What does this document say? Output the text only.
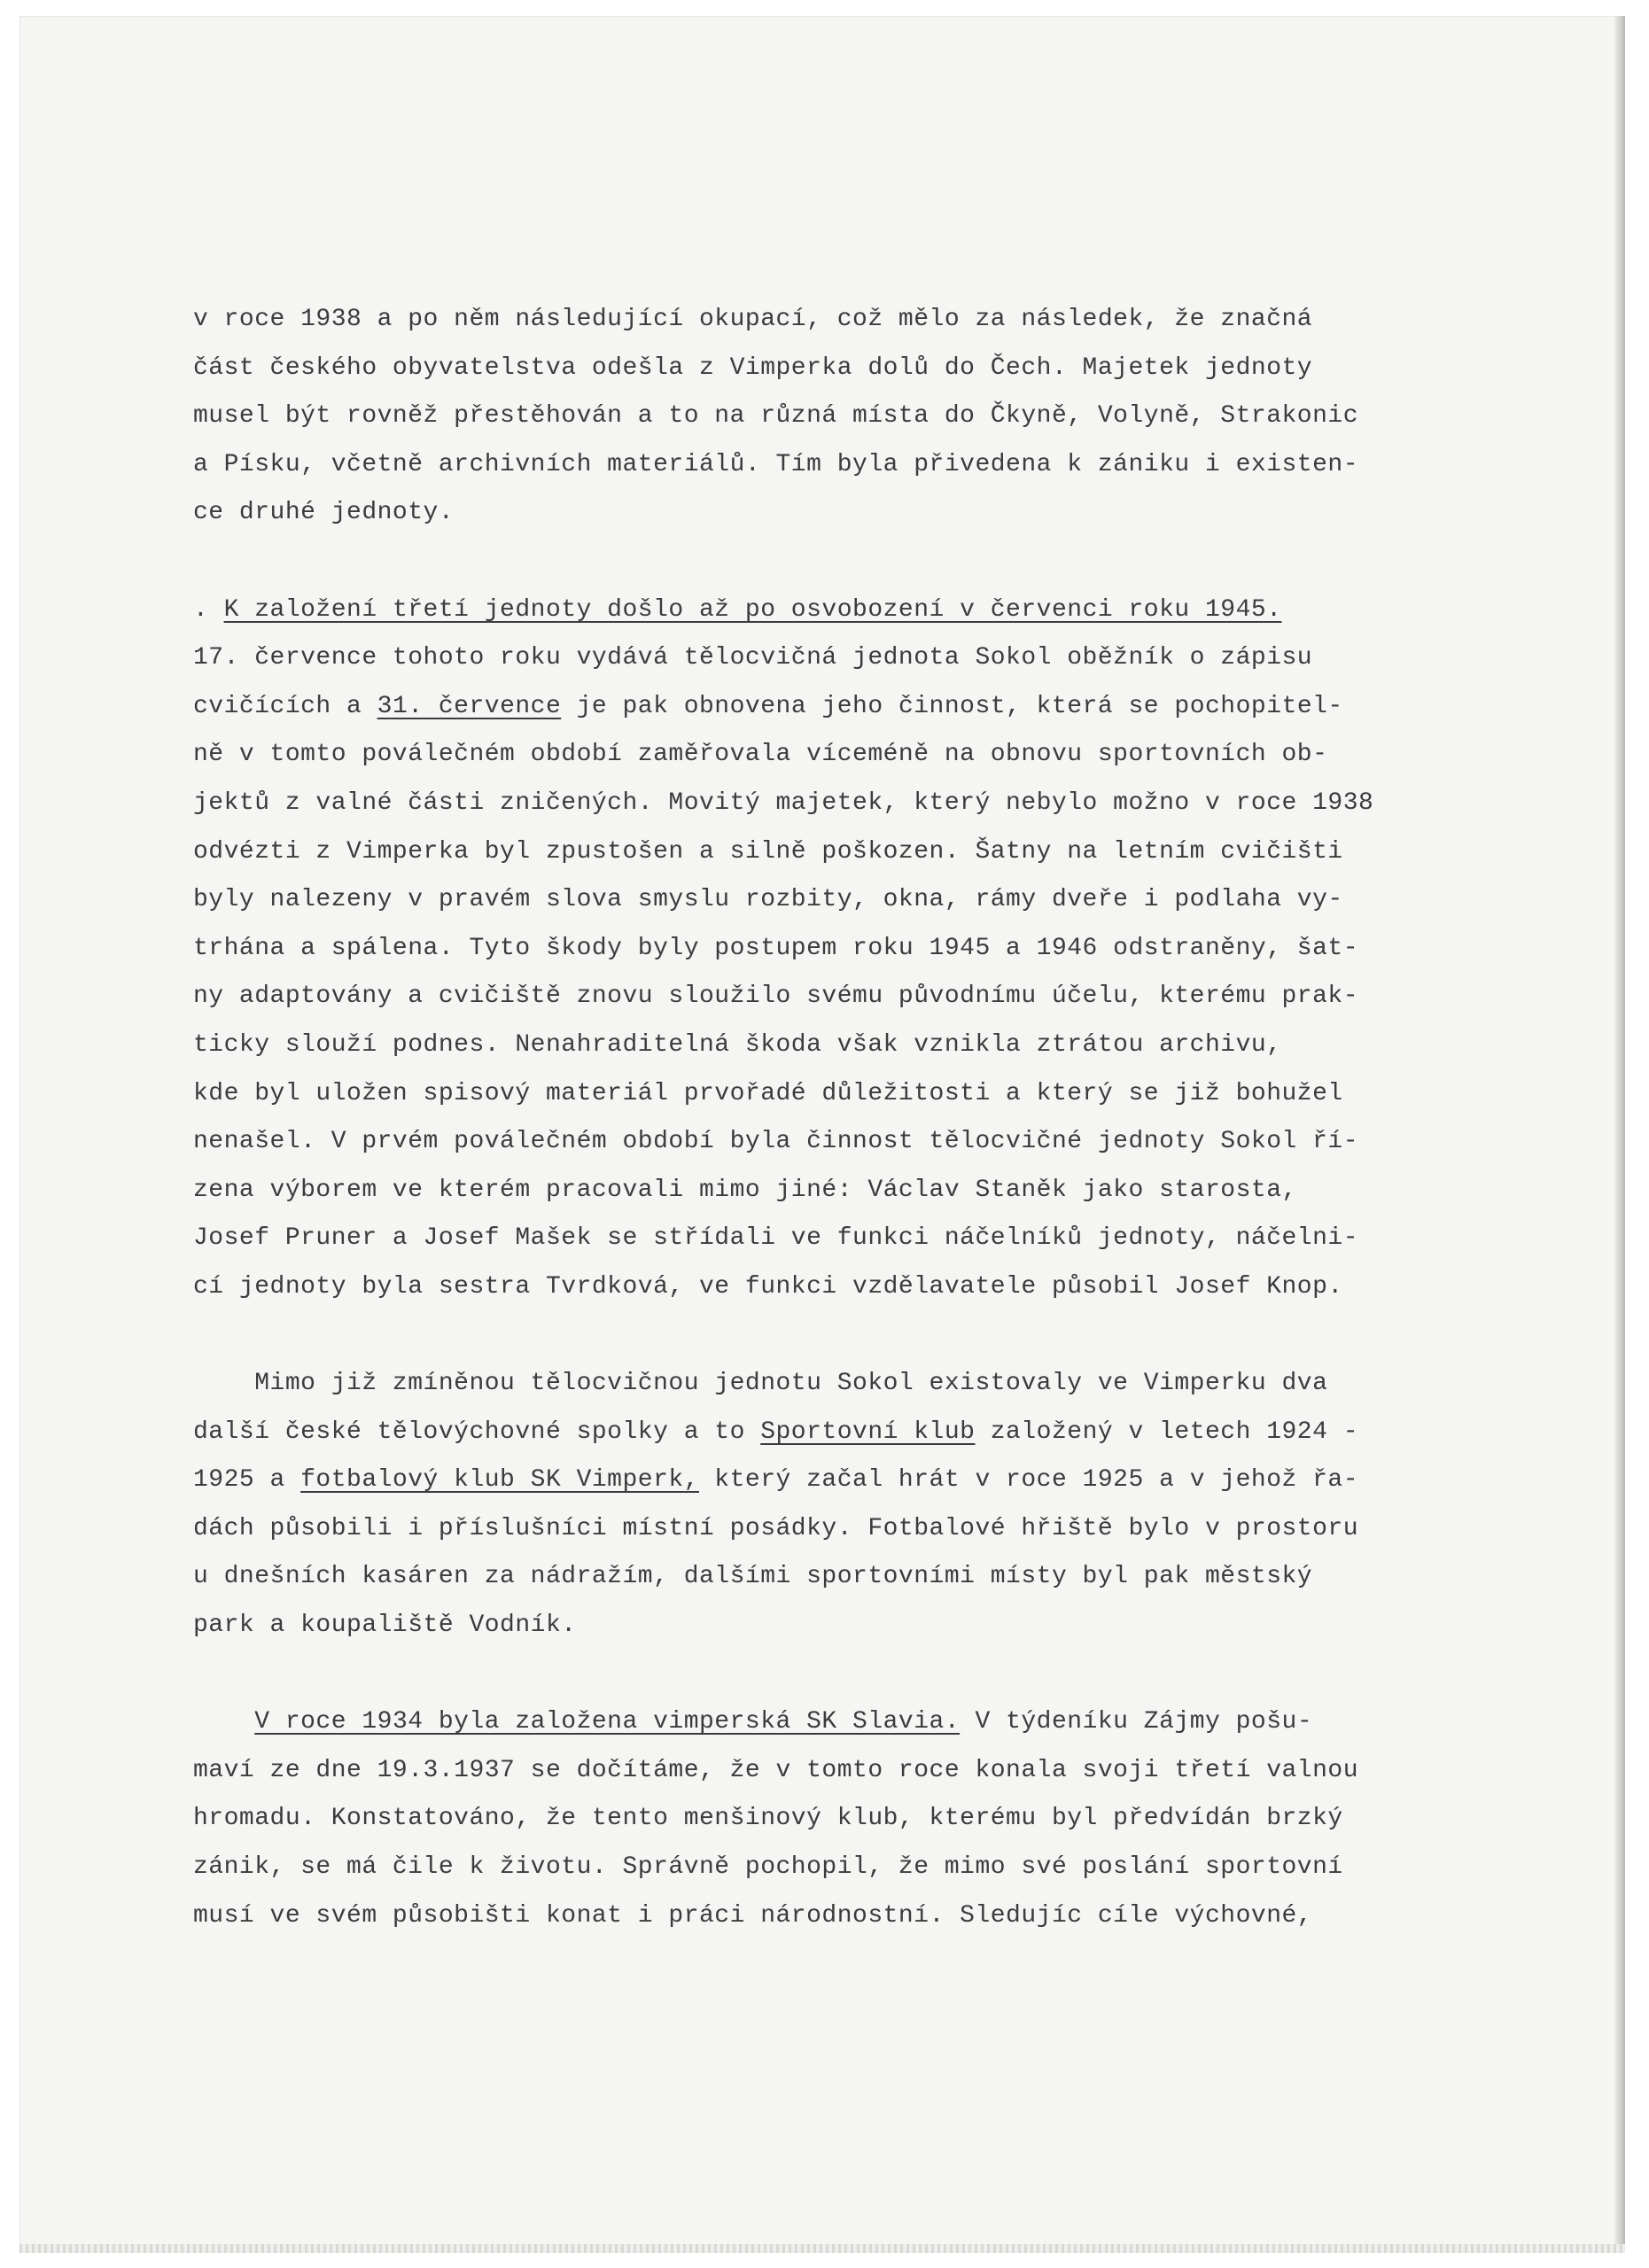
v roce 1938 a po něm následující okupací, což mělo za následek, že značná
část českého obyvatelstva odešla z Vimperka dolů do Čech. Majetek jednoty
musel být rovněž přestěhován a to na různá místa do Čkyně, Volyně, Strakonic
a Písku, včetně archivních materiálů. Tím byla přivedena k zániku i existen-
ce druhé jednoty.
. K založení třetí jednoty došlo až po osvobození v červenci roku 1945.
17. července tohoto roku vydává tělocvičná jednota Sokol oběžník o zápisu
cvičících a 31. července je pak obnovena jeho činnost, která se pochopitel-
ně v tomto poválečném období zaměřovala víceméně na obnovu sportovních ob-
jektů z valné části zničených. Movitý majetek, který nebylo možno v roce 1938
odvézti z Vimperka byl zpustošen a silně poškozen. Šatny na letním cvičišti
byly nalezeny v pravém slova smyslu rozbity, okna, rámy dveře i podlaha vy-
trhána a spálena. Tyto škody byly postupem roku 1945 a 1946 odstraněny, šat-
ny adaptovány a cvičiště znovu sloužilo svému původnímu účelu, kterému prak-
ticky slouží podnes. Nenahraditelná škoda však vznikla ztrátou archivu,
kde byl uložen spisový materiál prvořadé důležitosti a který se již bohužel
nenašel. V prvém poválečném období byla činnost tělocvičné jednoty Sokol ří-
zena výborem ve kterém pracovali mimo jiné: Václav Staněk jako starosta,
Josef Pruner a Josef Mašek se střídali ve funkci náčelníků jednoty, náčelni-
cí jednoty byla sestra Tvrdková, ve funkci vzdělavatele působil Josef Knop.
Mimo již zmíněnou tělocvičnou jednotu Sokol existovaly ve Vimperku dva
další české tělovýchovné spolky a to Sportovní klub založený v letech 1924 -
1925 a fotbalový klub SK Vimperk, který začal hrát v roce 1925 a v jehož řa-
dách působili i příslušníci místní posádky. Fotbalové hřiště bylo v prostoru
u dnešních kasáren za nádražím, dalšími sportovními místy byl pak městský
park a koupaliště Vodník.
V roce 1934 byla založena vimperská SK Slavia. V týdeníku Zájmy pošu-
maví ze dne 19.3.1937 se dočítáme, že v tomto roce konala svoji třetí valnou
hromadu. Konstatováno, že tento menšinový klub, kterému byl předvídán brzký
zánik, se má čile k životu. Správně pochopil, že mimo své poslání sportovní
musí ve svém působišti konat i práci národnostní. Sledujíc cíle výchovné,
